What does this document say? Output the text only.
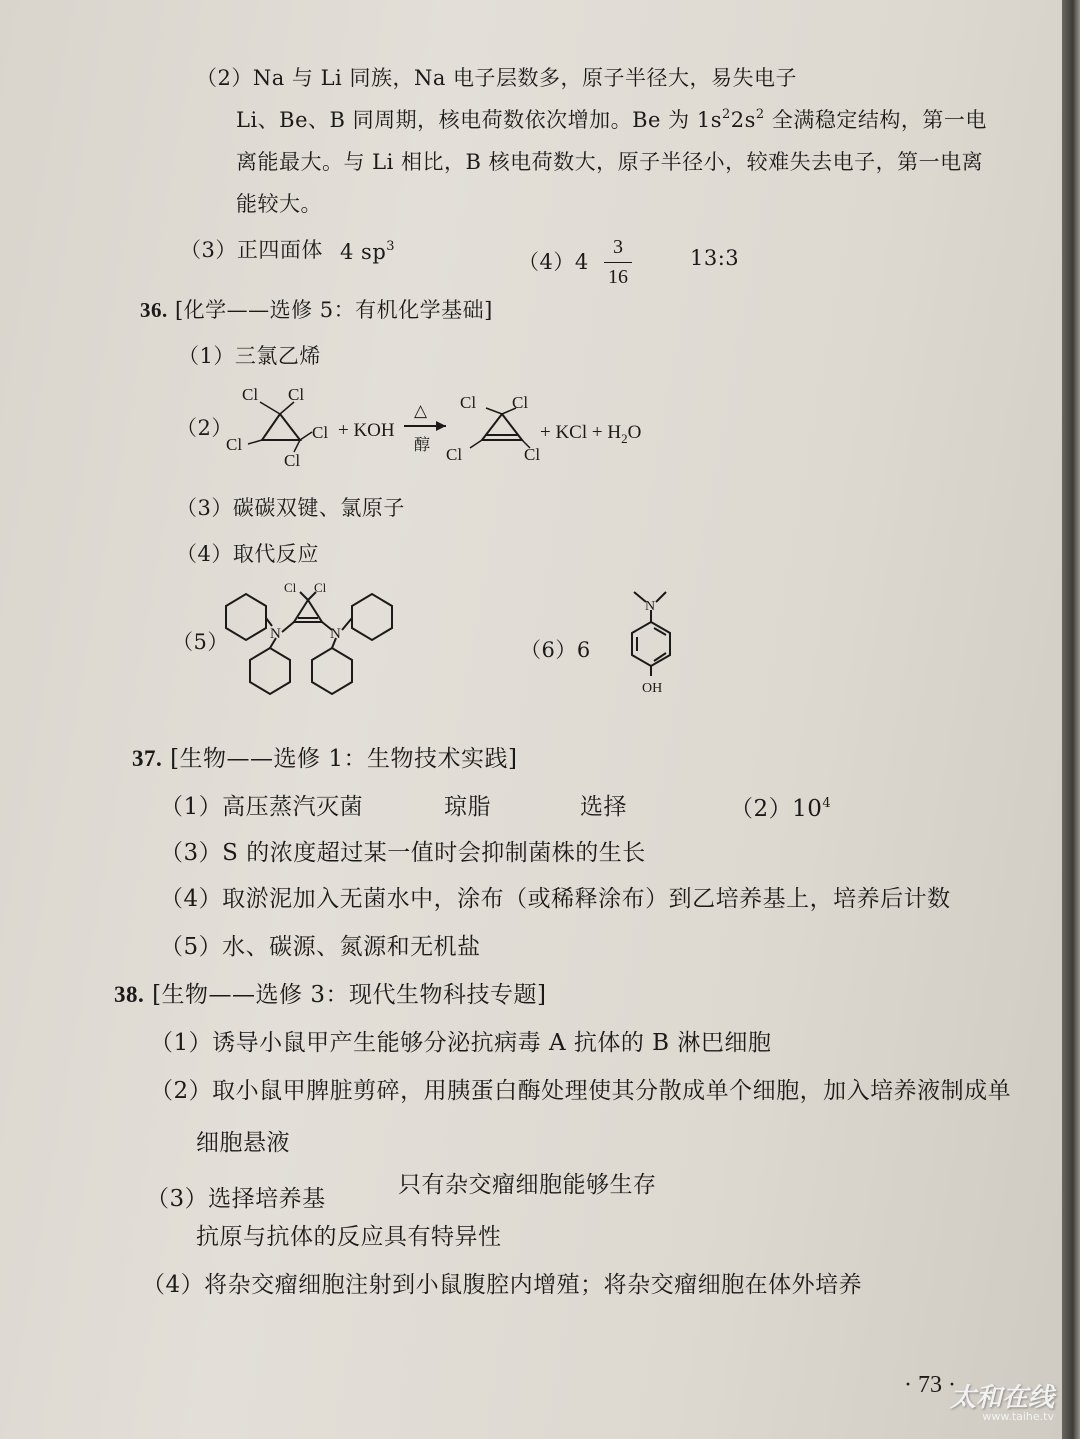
（2）Na 与 Li 同族，Na 电子层数多，原子半径大，易失电子
Li、Be、B 同周期，核电荷数依次增加。Be 为 $1s^22s^2$ 全满稳定结构，第一电
离能最大。与 Li 相比，B 核电荷数大，原子半径小，较难失去电子，第一电离
能较大。
（3）正四面体 4 $sp^3$
（4）4
3
16
13:3
36. [化学——选修 5：有机化学基础]
（1）三氯乙烯
（2）
Cl Cl
Cl
Cl
Cl
+ KOH
△
醇
Cl Cl
Cl	Cl
+ KCl + $H_2O$
（3）碳碳双键、氯原子
（4）取代反应
（5）	N	N
Cl Cl
（6）6
N
OH
37. [生物——选修 1：生物技术实践]
（1）高压蒸汽灭菌	琼脂	选择	$(2)10^4$
（3）S 的浓度超过某一值时会抑制菌株的生长
（4）取淤泥加入无菌水中，涂布（或稀释涂布）到乙培养基上，培养后计数
（5）水、碳源、氮源和无机盐
38. [生物——选修 3：现代生物科技专题]
（1）诱导小鼠甲产生能够分泌抗病毒 A 抗体的 B 淋巴细胞
（2）取小鼠甲脾脏剪碎，用胰蛋白酶处理使其分散成单个细胞，加入培养液制成单
细胞悬液
（3）选择培养基
只有杂交瘤细胞能够生存
抗原与抗体的反应具有特异性
（4）将杂交瘤细胞注射到小鼠腹腔内增殖；将杂交瘤细胞在体外培养
· 73 ·
太和在线
www.taihe.tv
